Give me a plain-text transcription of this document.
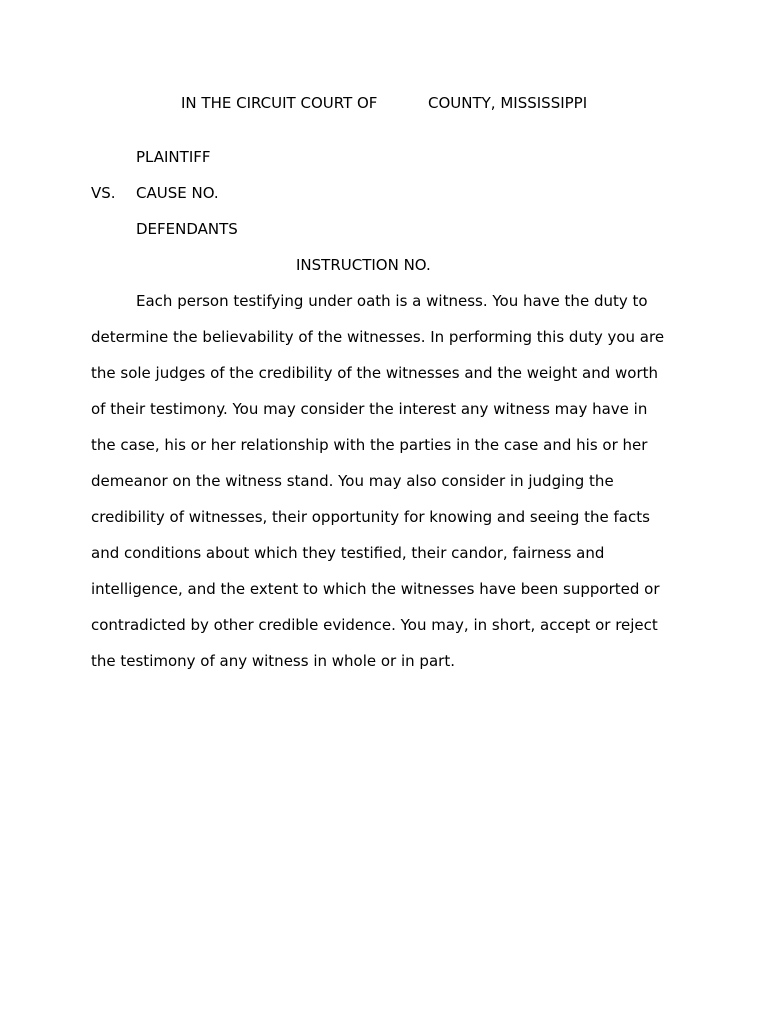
IN THE CIRCUIT COURT OF	COUNTY, MISSISSIPPI
PLAINTIFF
VS. CAUSE NO.
DEFENDANTS
INSTRUCTION NO.
Each person testifying under oath is a witness. You have the duty to
determine the believability of the witnesses. In performing this duty you are
the sole judges of the credibility of the witnesses and the weight and worth
of their testimony. You may consider the interest any witness may have in
the case, his or her relationship with the parties in the case and his or her
demeanor on the witness stand. You may also consider in judging the
credibility of witnesses, their opportunity for knowing and seeing the facts
and conditions about which they testified, their candor, fairness and
intelligence, and the extent to which the witnesses have been supported or
contradicted by other credible evidence. You may, in short, accept or reject
the testimony of any witness in whole or in part.
